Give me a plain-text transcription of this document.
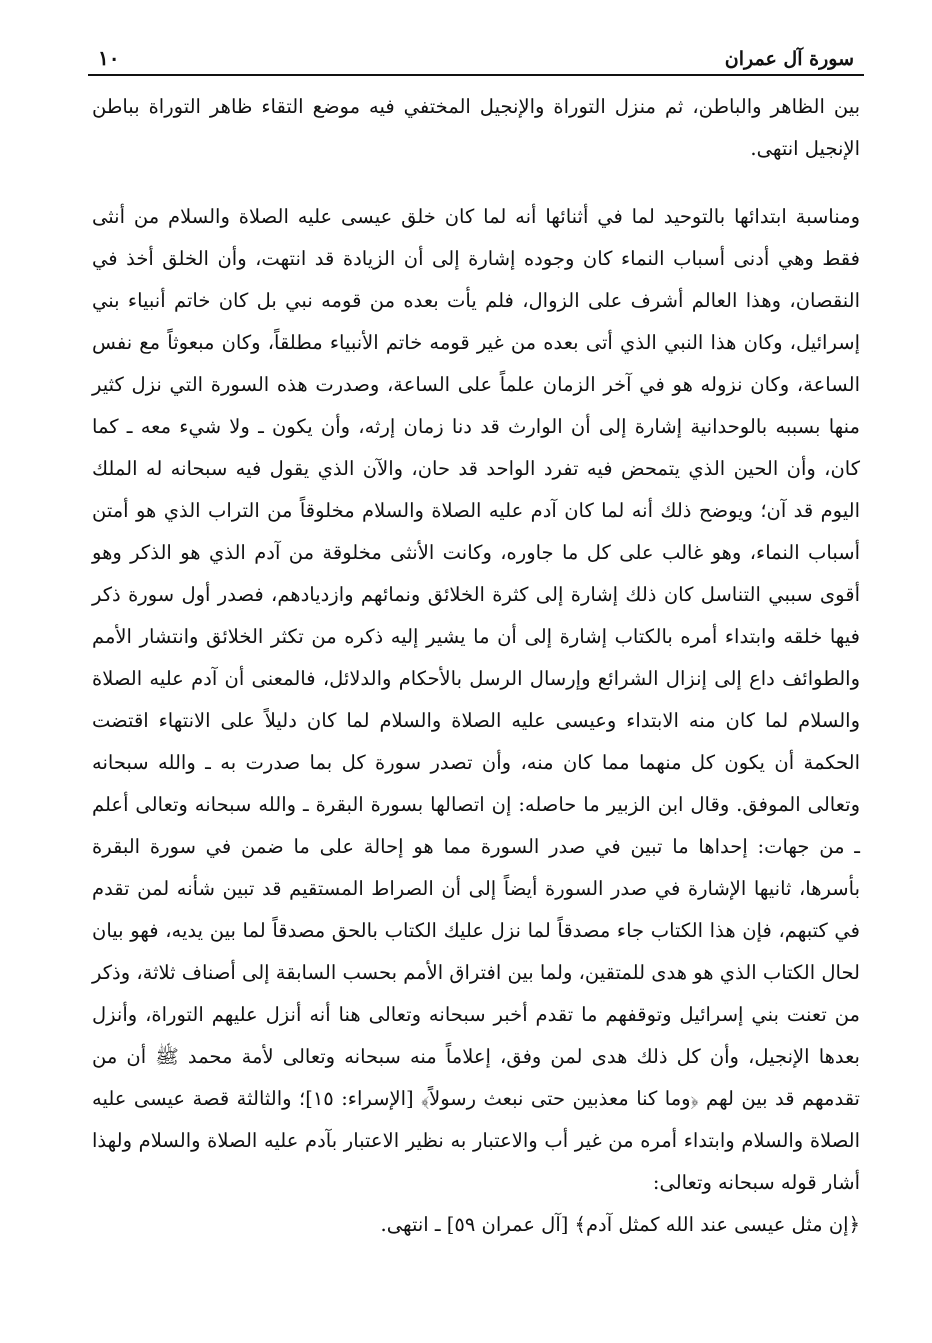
سورة آل عمران
١٠

بين الظاهر والباطن، ثم منزل التوراة والإنجيل المختفي فيه موضع التقاء ظاهر التوراة بباطن الإنجيل انتهى.

ومناسبة ابتدائها بالتوحيد لما في أثنائها أنه لما كان خلق عيسى عليه الصلاة والسلام من أنثى فقط وهي أدنى أسباب النماء كان وجوده إشارة إلى أن الزيادة قد انتهت، وأن الخلق أخذ في النقصان، وهذا العالم أشرف على الزوال، فلم يأت بعده من قومه نبي بل كان خاتم أنبياء بني إسرائيل، وكان هذا النبي الذي أتى بعده من غير قومه خاتم الأنبياء مطلقاً، وكان مبعوثاً مع نفس الساعة، وكان نزوله هو في آخر الزمان علماً على الساعة، وصدرت هذه السورة التي نزل كثير منها بسببه بالوحدانية إشارة إلى أن الوارث قد دنا زمان إرثه، وأن يكون ـ ولا شيء معه ـ كما كان، وأن الحين الذي يتمحض فيه تفرد الواحد قد حان، والآن الذي يقول فيه سبحانه له الملك اليوم قد آن؛ ويوضح ذلك أنه لما كان آدم عليه الصلاة والسلام مخلوقاً من التراب الذي هو أمتن أسباب النماء، وهو غالب على كل ما جاوره، وكانت الأنثى مخلوقة من آدم الذي هو الذكر وهو أقوى سببي التناسل كان ذلك إشارة إلى كثرة الخلائق ونمائهم وازديادهم، فصدر أول سورة ذكر فيها خلقه وابتداء أمره بالكتاب إشارة إلى أن ما يشير إليه ذكره من تكثر الخلائق وانتشار الأمم والطوائف داع إلى إنزال الشرائع وإرسال الرسل بالأحكام والدلائل، فالمعنى أن آدم عليه الصلاة والسلام لما كان منه الابتداء وعيسى عليه الصلاة والسلام لما كان دليلاً على الانتهاء اقتضت الحكمة أن يكون كل منهما مما كان منه، وأن تصدر سورة كل بما صدرت به ـ والله سبحانه وتعالى الموفق. وقال ابن الزبير ما حاصله: إن اتصالها بسورة البقرة ـ والله سبحانه وتعالى أعلم ـ من جهات: إحداها ما تبين في صدر السورة مما هو إحالة على ما ضمن في سورة البقرة بأسرها، ثانيها الإشارة في صدر السورة أيضاً إلى أن الصراط المستقيم قد تبين شأنه لمن تقدم في كتبهم، فإن هذا الكتاب جاء مصدقاً لما نزل عليك الكتاب بالحق مصدقاً لما بين يديه، فهو بيان لحال الكتاب الذي هو هدى للمتقين، ولما بين افتراق الأمم بحسب السابقة إلى أصناف ثلاثة، وذكر من تعنت بني إسرائيل وتوقفهم ما تقدم أخبر سبحانه وتعالى هنا أنه أنزل عليهم التوراة، وأنزل بعدها الإنجيل، وأن كل ذلك هدى لمن وفق، إعلاماً منه سبحانه وتعالى لأمة محمد ﷺ أن من تقدمهم قد بين لهم ﴿وما كنا معذبين حتى نبعث رسولاً﴾ [الإسراء: ١٥]؛ والثالثة قصة عيسى عليه الصلاة والسلام وابتداء أمره من غير أب والاعتبار به نظير الاعتبار بآدم عليه الصلاة والسلام ولهذا أشار قوله سبحانه وتعالى:

﴿إن مثل عيسى عند الله كمثل آدم﴾ [آل عمران ٥٩] ـ انتهى.
